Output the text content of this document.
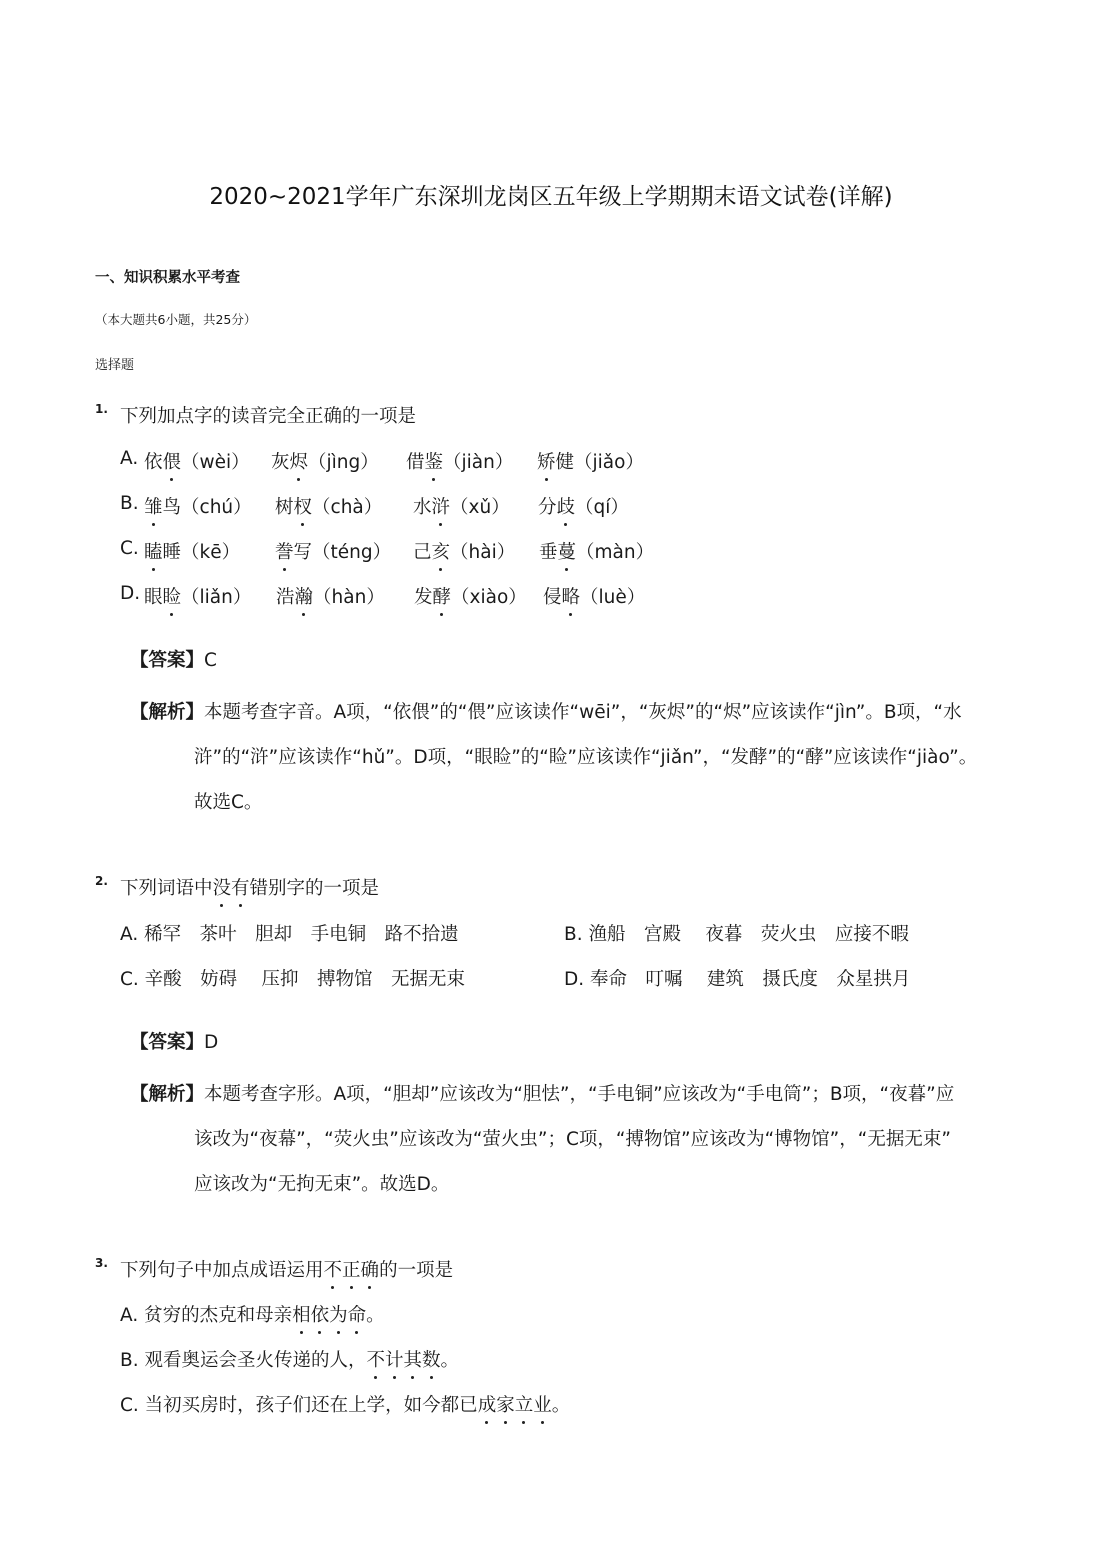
2020~2021学年广东深圳龙岗区五年级上学期期末语文试卷(详解)
一、知识积累水平考查
（本大题共6小题，共25分）
选择题
1. 下列加点字的读音完全正确的一项是
A. 依偎（wèi） 灰烬（jìng） 借鉴（jiàn） 矫健（jiǎo）
B. 雏鸟（chú） 树杈（chà） 水浒（xǔ） 分歧（qí）
C. 瞌睡（kē） 誊写（téng） 己亥（hài） 垂蔓（màn）
D. 眼睑（liǎn） 浩瀚（hàn） 发酵（xiào） 侵略（luè）
【答案】C
【解析】本题考查字音。A项，“依偎”的“偎”应该读作“wēi”，“灰烬”的“烬”应该读作“jìn”。B项，“水
浒”的“浒”应该读作“hǔ”。D项，“眼睑”的“睑”应该读作“jiǎn”，“发酵”的“酵”应该读作“jiào”。
故选C。
2. 下列词语中没有错别字的一项是
A. 稀罕　茶叶　胆却　手电铜　路不拾遗	B. 渔船　宫殿　 夜暮　荧火虫　应接不暇
C. 辛酸　妨碍　 压抑　搏物馆　无据无束	D. 奉命　叮嘱　 建筑　摄氏度　众星拱月
【答案】D
【解析】本题考查字形。A项，“胆却”应该改为“胆怯”，“手电铜”应该改为“手电筒”；B项，“夜暮”应
该改为“夜幕”，“荧火虫”应该改为“萤火虫”；C项，“搏物馆”应该改为“博物馆”，“无据无束”
应该改为“无拘无束”。故选D。
3. 下列句子中加点成语运用不正确的一项是
A. 贫穷的杰克和母亲相依为命。
B. 观看奥运会圣火传递的人，不计其数。
C. 当初买房时，孩子们还在上学，如今都已成家立业。
